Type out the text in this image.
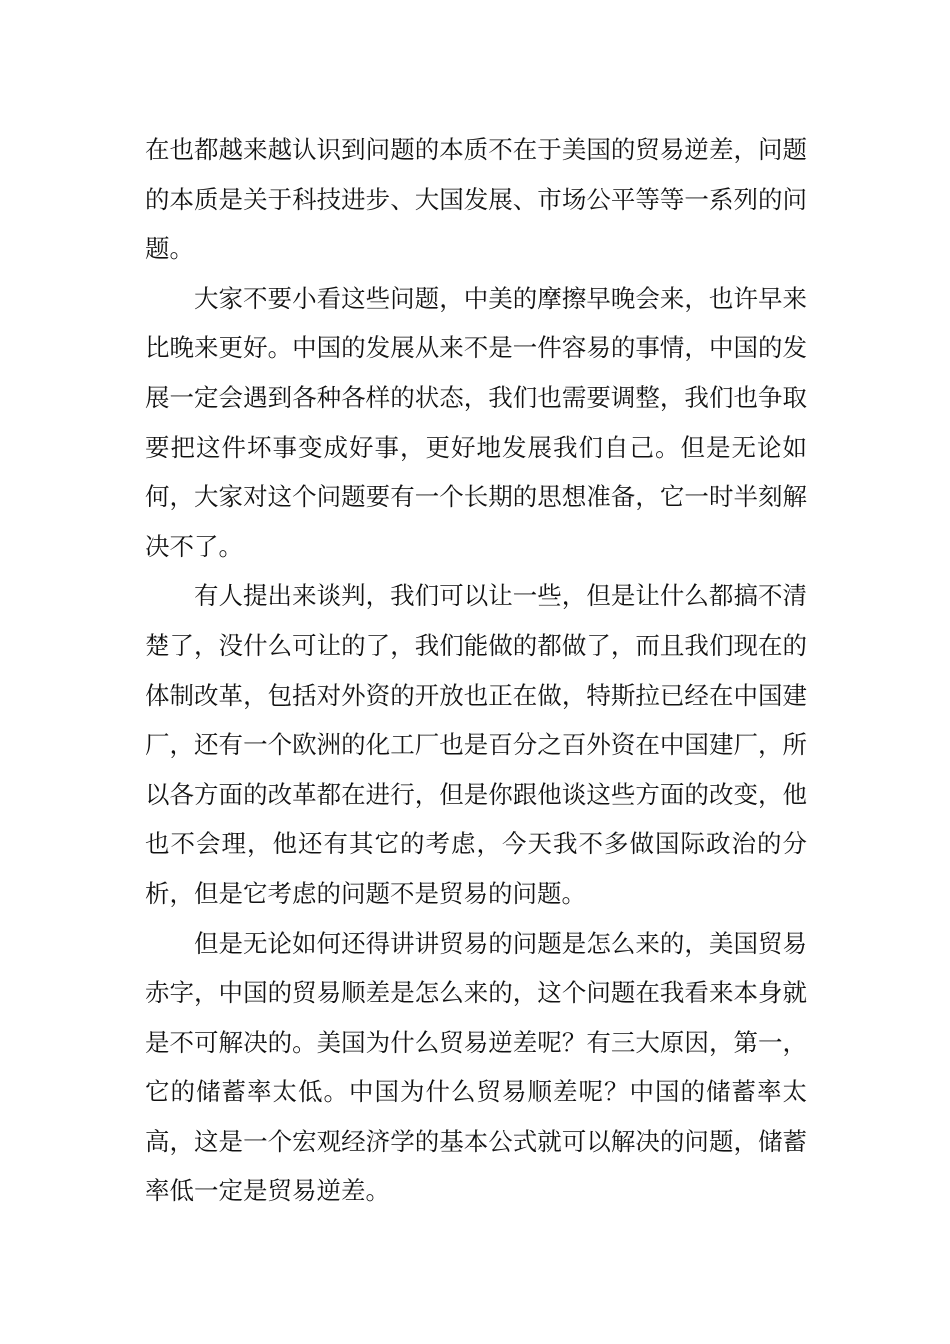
在也都越来越认识到问题的本质不在于美国的贸易逆差，问题的本质是关于科技进步、大国发展、市场公平等等一系列的问题。

大家不要小看这些问题，中美的摩擦早晚会来，也许早来比晚来更好。中国的发展从来不是一件容易的事情，中国的发展一定会遇到各种各样的状态，我们也需要调整，我们也争取要把这件坏事变成好事，更好地发展我们自己。但是无论如何，大家对这个问题要有一个长期的思想准备，它一时半刻解决不了。

有人提出来谈判，我们可以让一些，但是让什么都搞不清楚了，没什么可让的了，我们能做的都做了，而且我们现在的体制改革，包括对外资的开放也正在做，特斯拉已经在中国建厂，还有一个欧洲的化工厂也是百分之百外资在中国建厂，所以各方面的改革都在进行，但是你跟他谈这些方面的改变，他也不会理，他还有其它的考虑，今天我不多做国际政治的分析，但是它考虑的问题不是贸易的问题。

但是无论如何还得讲讲贸易的问题是怎么来的，美国贸易赤字，中国的贸易顺差是怎么来的，这个问题在我看来本身就是不可解决的。美国为什么贸易逆差呢？有三大原因，第一，它的储蓄率太低。中国为什么贸易顺差呢？中国的储蓄率太高，这是一个宏观经济学的基本公式就可以解决的问题，储蓄率低一定是贸易逆差。
